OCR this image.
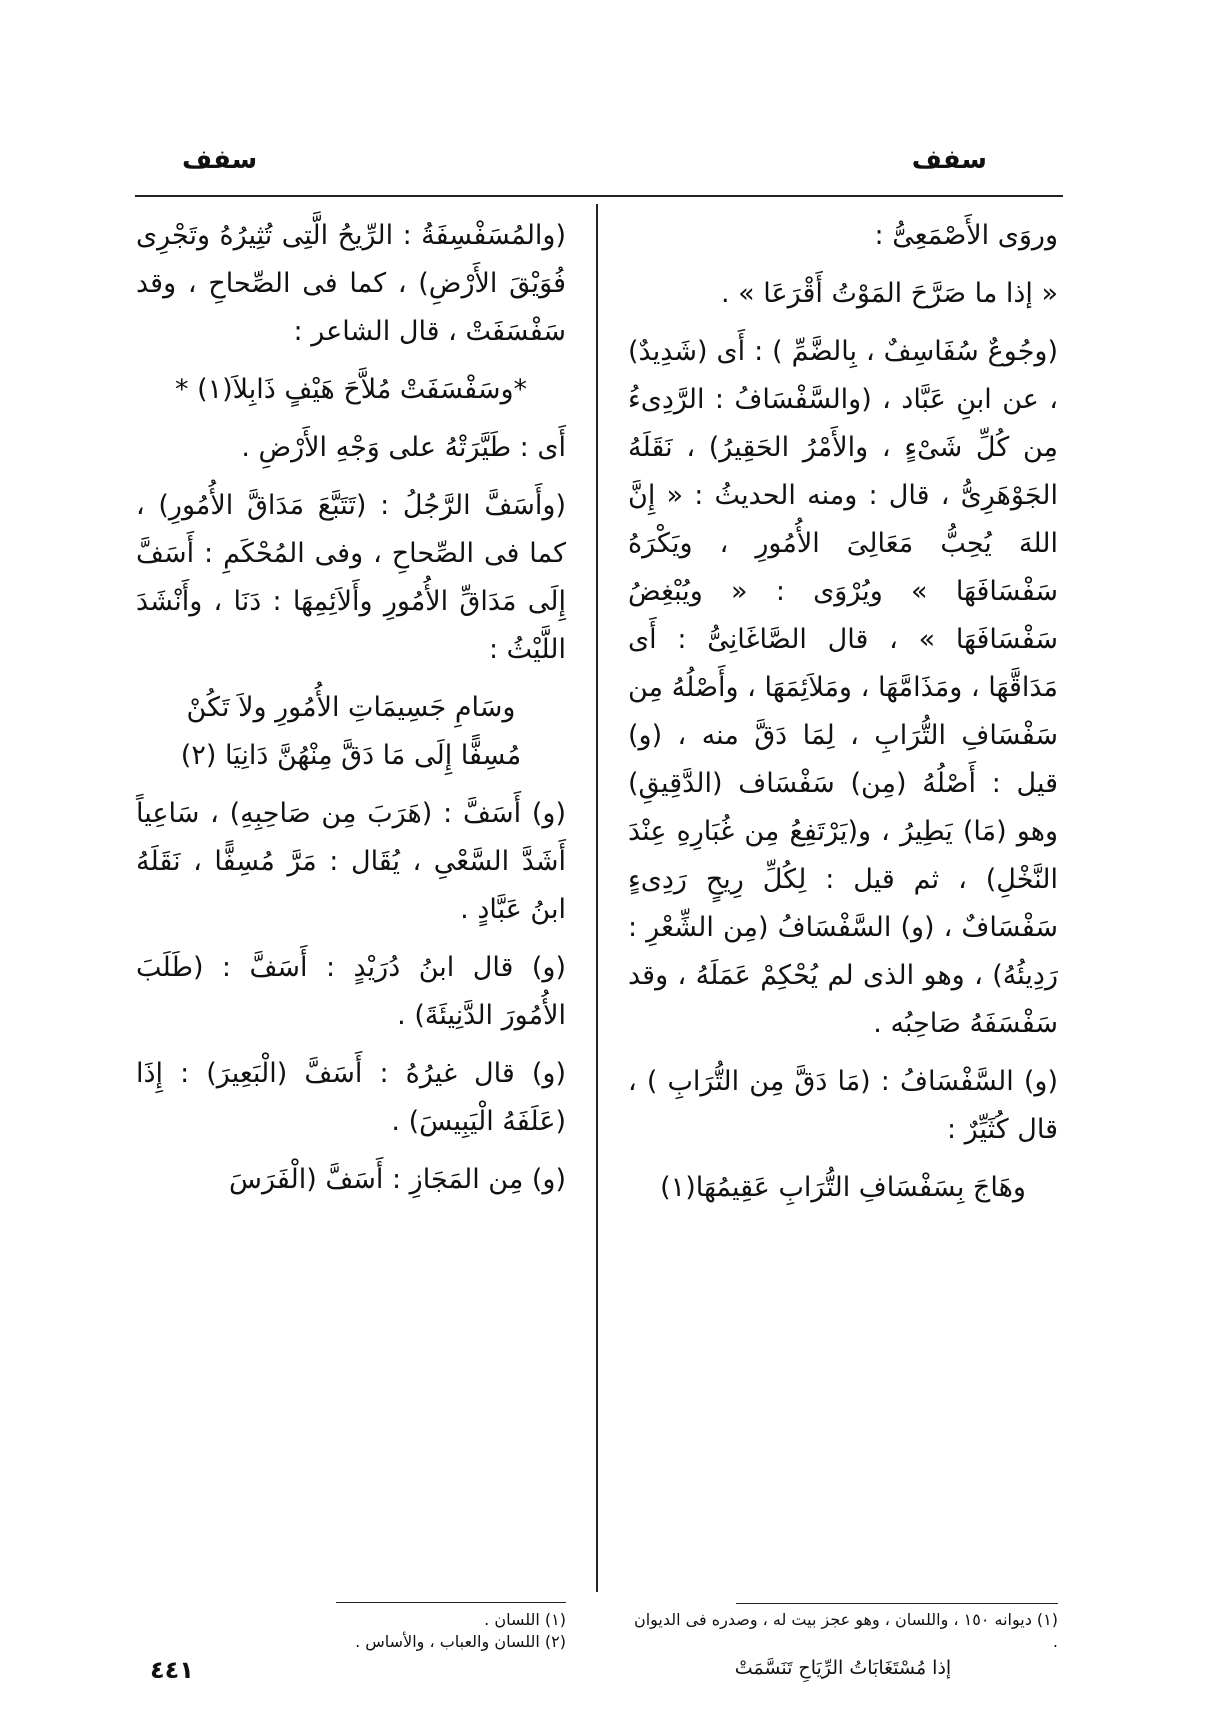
سفف
سفف

وروَى الأَصْمَعِىُّ :

« إذا ما صَرَّحَ المَوْتُ أَقْرَعَا » .

(وجُوعٌ سُفَاسِفٌ ، بِالضَّمِّ ) : أَى (شَدِيدٌ) ، عن ابنِ عَبَّاد ، (والسَّفْسَافُ : الرَّدِىءُ مِن كُلِّ شَىْءٍ ، والأَمْرُ الحَقِيرُ) ، نَقَلَهُ الجَوْهَرِىُّ ، قال : ومنه الحديثُ : « إِنَّ اللهَ يُحِبُّ مَعَالِىَ الأُمُورِ ، ويَكْرَهُ سَفْسَافَهَا » ويُرْوَى : « ويُبْغِضُ سَفْسَافَهَا » ، قال الصَّاغَانِىُّ : أَى مَدَاقَّهَا ، ومَذَامَّهَا ، ومَلاَئِمَهَا ، وأَصْلُهُ مِن سَفْسَافِ التُّرَابِ ، لِمَا دَقَّ منه ، (و) قيل : أَصْلُهُ (مِن) سَفْسَاف (الدَّقِيقِ) وهو (مَا) يَطِيرُ ، و(يَرْتَفِعُ مِن غُبَارِهِ عِنْدَ النَّخْلِ) ، ثم قيل : لِكُلِّ رِيحٍ رَدِىءٍ سَفْسَافٌ ، (و) السَّفْسَافُ (مِن الشِّعْرِ : رَدِيئُهُ) ، وهو الذى لم يُحْكِمْ عَمَلَهُ ، وقد سَفْسَفَهُ صَاحِبُه .

(و) السَّفْسَافُ : (مَا دَقَّ مِن التُّرَابِ ) ، قال كُثَيِّرٌ :

وهَاجَ بِسَفْسَافِ التُّرَابِ عَقِيمُهَا(١)

(والمُسَفْسِفَةُ : الرِّيحُ الَّتِى تُثِيرُهُ وتَجْرِى فُوَيْقَ الأَرْضِ) ، كما فى الصِّحاحِ ، وقد سَفْسَفَتْ ، قال الشاعر :

*وسَفْسَفَتْ مُلاَّحَ هَيْفٍ ذَابِلاَ(١) *

أَى : طَيَّرَتْهُ على وَجْهِ الأَرْضِ .

(وأَسَفَّ الرَّجُلُ : (تَتَبَّعَ مَدَاقَّ الأُمُورِ) ، كما فى الصِّحاحِ ، وفى المُحْكَمِ : أَسَفَّ إِلَى مَدَاقِّ الأُمُورِ وأَلاَئِمِهَا : دَنَا ، وأَنْشَدَ اللَّيْثُ :

وسَامِ جَسِيمَاتِ الأُمُورِ ولاَ تَكُنْ

مُسِفًّا إِلَى مَا دَقَّ مِنْهُنَّ دَانِيَا (٢)

(و) أَسَفَّ : (هَرَبَ مِن صَاحِبِهِ) ، سَاعِياً أَشَدَّ السَّعْىِ ، يُقَال : مَرَّ مُسِفًّا ، نَقَلَهُ ابنُ عَبَّادٍ .

(و) قال ابنُ دُرَيْدٍ : أَسَفَّ : (طَلَبَ الأُمُورَ الدَّنِيئَةَ) .

(و) قال غيرُهُ : أَسَفَّ (الْبَعِيرَ) : إِذَا (عَلَفَهُ الْيَبِيسَ) .

(و) مِن المَجَازِ : أَسَفَّ (الْفَرَسَ

(١) ديوانه ١٥٠ ، واللسان ، وهو عجز بيت له ، وصدره فى الديوان .

إذا مُسْتَغَابَاتُ الرِّيَاحِ تَنَسَّمَتْ

(١) اللسان .

(٢) اللسان والعباب ، والأساس .

٤٤١
